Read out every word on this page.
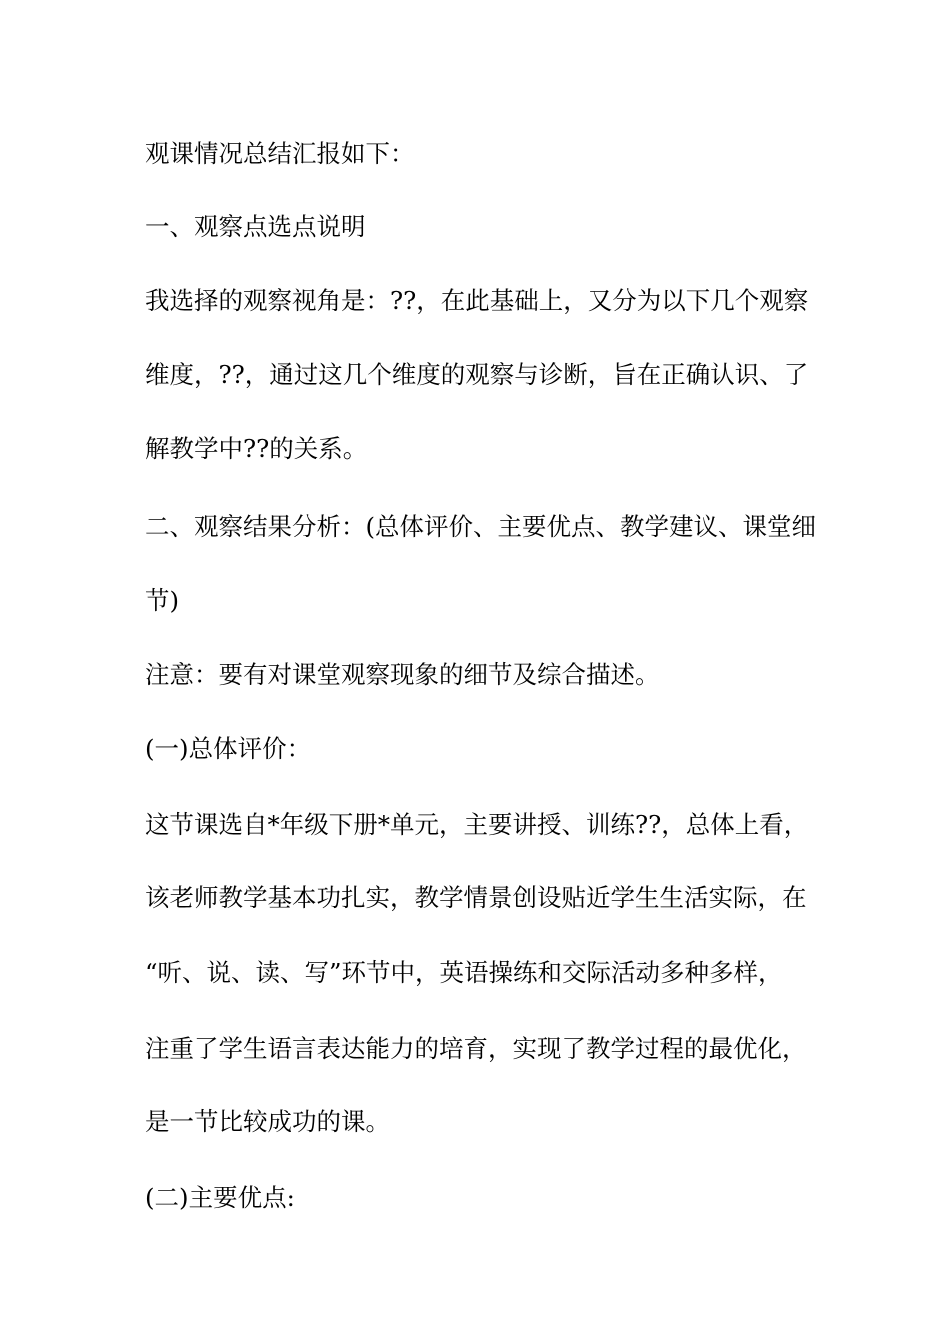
观课情况总结汇报如下：
一、观察点选点说明
我选择的观察视角是：??，在此基础上，又分为以下几个观察
维度，??，通过这几个维度的观察与诊断，旨在正确认识、了
解教学中??的关系。
二、观察结果分析：(总体评价、主要优点、教学建议、课堂细
节)
注意：要有对课堂观察现象的细节及综合描述。
(一)总体评价：
这节课选自*年级下册*单元，主要讲授、训练??，总体上看，
该老师教学基本功扎实，教学情景创设贴近学生生活实际，在
“听、说、读、写”环节中，英语操练和交际活动多种多样，
注重了学生语言表达能力的培育，实现了教学过程的最优化，
是一节比较成功的课。
(二)主要优点:
